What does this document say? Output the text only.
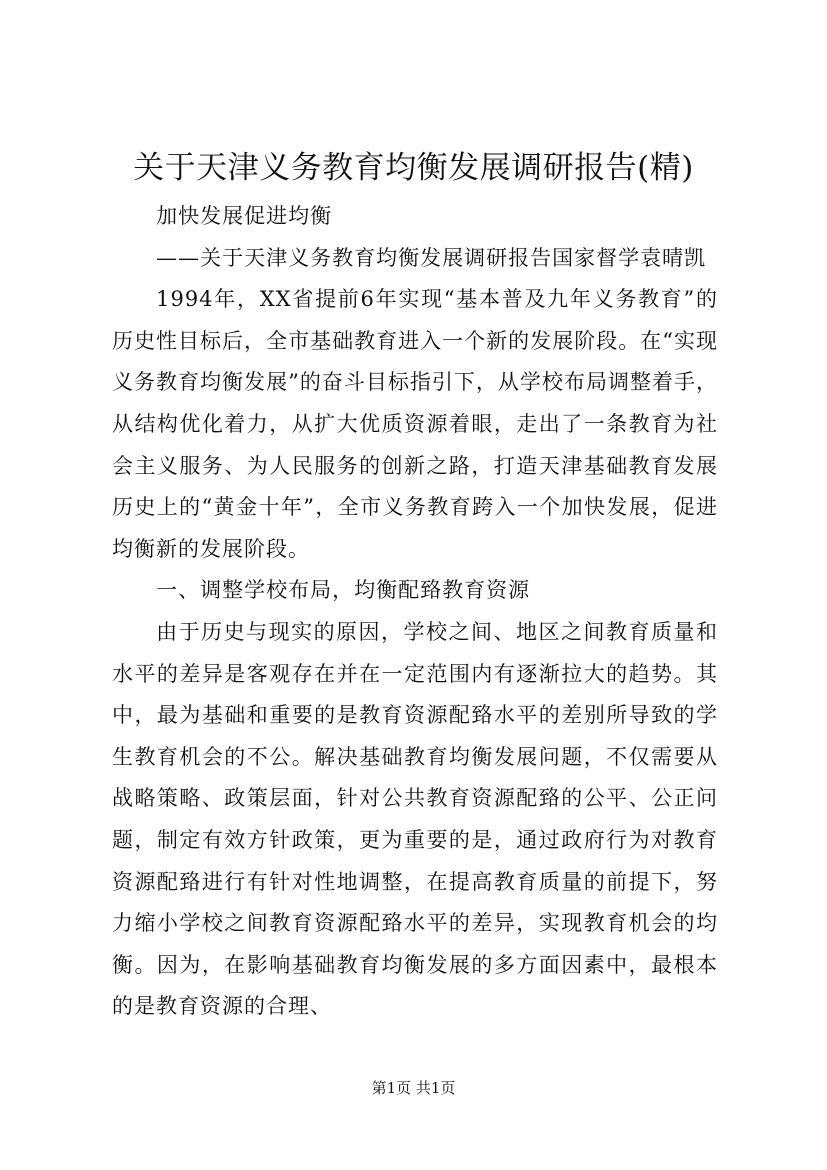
关于天津义务教育均衡发展调研报告(精)

加快发展促进均衡

——关于天津义务教育均衡发展调研报告国家督学袁晴凯

1994年，XX省提前6年实现“基本普及九年义务教育”的历史性目标后，全市基础教育进入一个新的发展阶段。在“实现义务教育均衡发展”的奋斗目标指引下，从学校布局调整着手，从结构优化着力，从扩大优质资源着眼，走出了一条教育为社会主义服务、为人民服务的创新之路，打造天津基础教育发展历史上的“黄金十年”，全市义务教育跨入一个加快发展，促进均衡新的发展阶段。

一、调整学校布局，均衡配臵教育资源

由于历史与现实的原因，学校之间、地区之间教育质量和水平的差异是客观存在并在一定范围内有逐渐拉大的趋势。其中，最为基础和重要的是教育资源配臵水平的差别所导致的学生教育机会的不公。解决基础教育均衡发展问题，不仅需要从战略策略、政策层面，针对公共教育资源配臵的公平、公正问题，制定有效方针政策，更为重要的是，通过政府行为对教育资源配臵进行有针对性地调整，在提高教育质量的前提下，努力缩小学校之间教育资源配臵水平的差异，实现教育机会的均衡。因为，在影响基础教育均衡发展的多方面因素中，最根本的是教育资源的合理、

第1页 共1页
